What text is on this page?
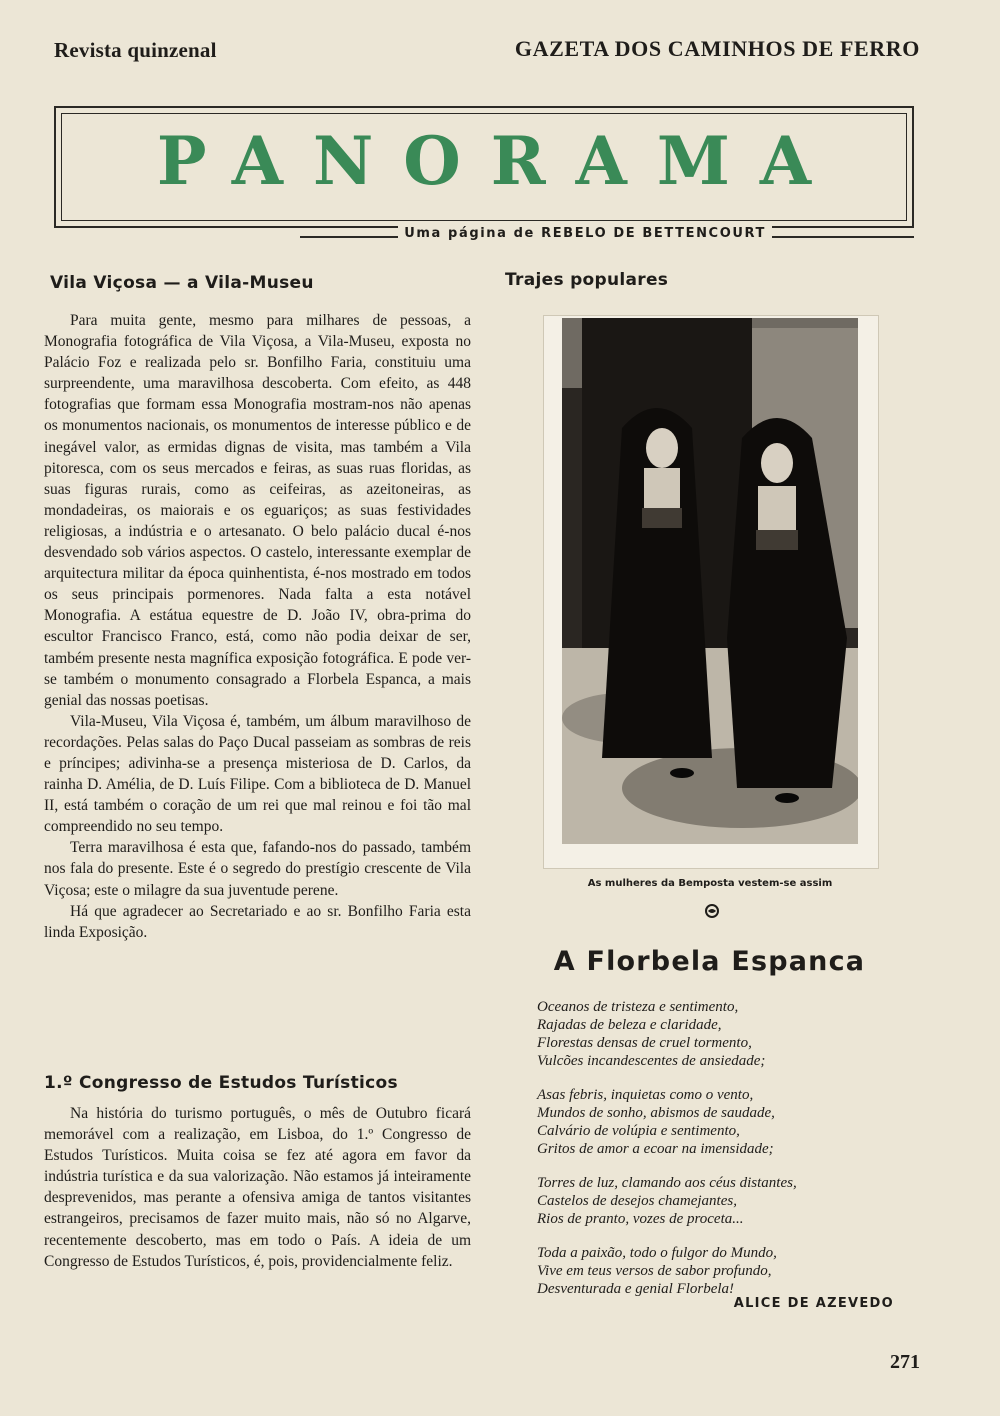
Revista quinzenal	GAZETA DOS CAMINHOS DE FERRO
PANORAMA
Uma página de REBELO DE BETTENCOURT
Vila Viçosa — a Vila-Museu

Para muita gente, mesmo para milhares de pessoas, a Monografia fotográfica de Vila Viçosa, a Vila-Museu, exposta no Palácio Foz e realizada pelo sr. Bonfilho Faria, constituiu uma surpreendente, uma maravilhosa descoberta. Com efeito, as 448 fotografias que formam essa Monografia mostram-nos não apenas os monumentos nacionais, os monumentos de interesse público e de inegável valor, as ermidas dignas de visita, mas também a Vila pitoresca, com os seus mercados e feiras, as suas ruas floridas, as suas figuras rurais, como as ceifeiras, as azeitoneiras, as mondadeiras, os maiorais e os eguariços; as suas festividades religiosas, a indústria e o artesanato. O belo palácio ducal é-nos desvendado sob vários aspectos. O castelo, interessante exemplar de arquitectura militar da época quinhentista, é-nos mostrado em todos os seus principais pormenores. Nada falta a esta notável Monografia. A estátua equestre de D. João IV, obra-prima do escultor Francisco Franco, está, como não podia deixar de ser, também presente nesta magnífica exposição fotográfica. E pode ver-se também o monumento consagrado a Florbela Espanca, a mais genial das nossas poetisas.

Vila-Museu, Vila Viçosa é, também, um álbum maravilhoso de recordações. Pelas salas do Paço Ducal passeiam as sombras de reis e príncipes; adivinha-se a presença misteriosa de D. Carlos, da rainha D. Amélia, de D. Luís Filipe. Com a biblioteca de D. Manuel II, está também o coração de um rei que mal reinou e foi tão mal compreendido no seu tempo.

Terra maravilhosa é esta que, fafando-nos do passado, também nos fala do presente. Este é o segredo do prestígio crescente de Vila Viçosa; este o milagre da sua juventude perene.

Há que agradecer ao Secretariado e ao sr. Bonfilho Faria esta linda Exposição.

1.º Congresso de Estudos Turísticos

Na história do turismo português, o mês de Outubro ficará memorável com a realização, em Lisboa, do 1.º Congresso de Estudos Turísticos. Muita coisa se fez até agora em favor da indústria turística e da sua valorização. Não estamos já inteiramente desprevenidos, mas perante a ofensiva amiga de tantos visitantes estrangeiros, precisamos de fazer muito mais, não só no Algarve, recentemente descoberto, mas em todo o País. A ideia de um Congresso de Estudos Turísticos, é, pois, providencialmente feliz.

Trajes populares
As mulheres da Bemposta vestem-se assim
A Florbela Espanca

Oceanos de tristeza e sentimento,
Rajadas de beleza e claridade,
Florestas densas de cruel tormento,
Vulcões incandescentes de ansiedade;

Asas febris, inquietas como o vento,
Mundos de sonho, abismos de saudade,
Calvário de volúpia e sentimento,
Gritos de amor a ecoar na imensidade;

Torres de luz, clamando aos céus distantes,
Castelos de desejos chamejantes,
Rios de pranto, vozes de proceta...

Toda a paixão, todo o fulgor do Mundo,
Vive em teus versos de sabor profundo,
Desventurada e genial Florbela!

ALICE DE AZEVEDO
271
